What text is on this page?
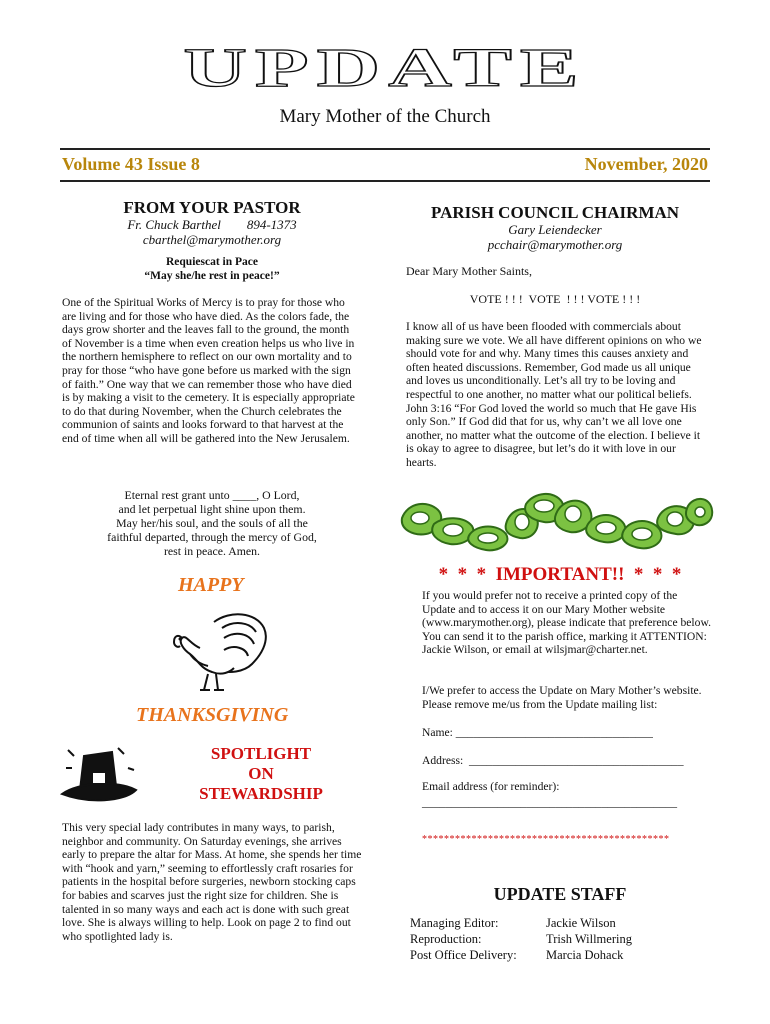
UPDATE
Mary Mother of the Church
Volume 43 Issue 8	November, 2020
FROM YOUR PASTOR
Fr. Chuck Barthel        894-1373
cbarthel@marymother.org
Requiescat in Pace
“May she/he rest in peace!”
One of the Spiritual Works of Mercy is to pray for those who are living and for those who have died. As the colors fade, the days grow shorter and the leaves fall to the ground, the month of November is a time when even creation helps us who live in the northern hemisphere to reflect on our own mortality and to pray for those “who have gone before us marked with the sign of faith.” One way that we can remember those who have died is by making a visit to the cemetery. It is especially appropriate to do that during November, when the Church celebrates the communion of saints and looks forward to that harvest at the end of time when all will be gathered into the New Jerusalem.
Eternal rest grant unto ____, O Lord,
and let perpetual light shine upon them.
May her/his soul, and the souls of all the
faithful departed, through the mercy of God,
rest in peace. Amen.
HAPPY
THANKSGIVING
SPOTLIGHT
ON
STEWARDSHIP
This very special lady contributes in many ways, to parish, neighbor and community. On Saturday evenings, she arrives early to prepare the altar for Mass. At home, she spends her time with “hook and yarn,” seeming to effortlessly craft rosaries for patients in the hospital before surgeries, newborn stocking caps for babies and scarves just the right size for children. She is talented in so many ways and each act is done with such great love. She is always willing to help. Look on page 2 to find out who spotlighted lady is.
PARISH COUNCIL CHAIRMAN
Gary Leiendecker
pcchair@marymother.org
Dear Mary Mother Saints,
VOTE ! ! !  VOTE  ! ! ! VOTE ! ! !
I know all of us have been flooded with commercials about making sure we vote. We all have different opinions on who we should vote for and why. Many times this causes anxiety and often heated discussions. Remember, God made us all unique and loves us unconditionally. Let’s all try to be loving and respectful to one another, no matter what our political beliefs. John 3:16 “For God loved the world so much that He gave His only Son.” If God did that for us, why can’t we all love one another, no matter what the outcome of the election. I believe it is okay to agree to disagree, but let’s do it with love in our hearts.
*  *  *  IMPORTANT!!  *  *  *
If you would prefer not to receive a printed copy of the Update and to access it on our Mary Mother website (www.marymother.org), please indicate that preference below. You can send it to the parish office, marking it ATTENTION: Jackie Wilson, or email at wilsjmar@charter.net.
I/We prefer to access the Update on Mary Mother’s website. Please remove me/us from the Update mailing list:
Name: __________________________________
Address:  _____________________________________
Email address (for reminder):
____________________________________________
*********************************************
UPDATE STAFF
Managing Editor:	Jackie Wilson
Reproduction:	Trish Willmering
Post Office Delivery:	Marcia Dohack
